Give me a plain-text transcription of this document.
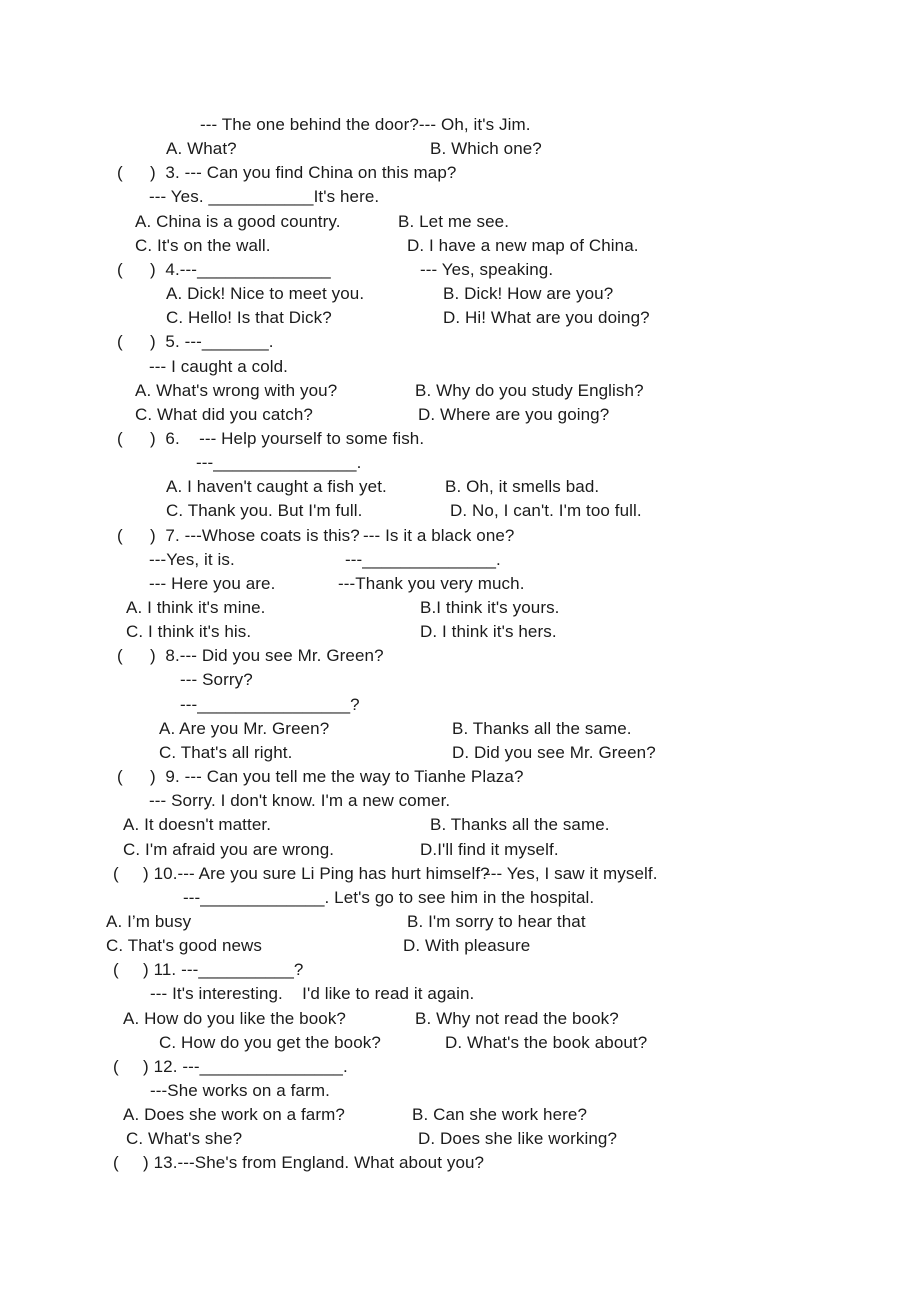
--- The one behind the door?--- Oh, it's Jim.
A. What?	B. Which one?
( )  3. --- Can you find China on this map?
--- Yes. ___________It's here.
A. China is a good country.	B. Let me see.
C. It's on the wall.	D. I have a new map of China.
( )  4.---______________	--- Yes, speaking.
A. Dick! Nice to meet you.	B. Dick! How are you?
C. Hello! Is that Dick?	D. Hi! What are you doing?
( )  5. ---_______.
--- I caught a cold.
A. What's wrong with you?	B. Why do you study English?
C. What did you catch?	D. Where are you going?
( )  6.    --- Help yourself to some fish.
---_______________.
A. I haven't caught a fish yet.	B. Oh, it smells bad.
C. Thank you. But I'm full.	D. No, I can't. I'm too full.
( )  7. ---Whose coats is this? --- Is it a black one?
---Yes, it is.	---______________.
--- Here you are.	---Thank you very much.
A. I think it's mine.	B.I think it's yours.
C. I think it's his.	D. I think it's hers.
( )  8.--- Did you see Mr. Green?
--- Sorry?
---________________?
A. Are you Mr. Green?	B. Thanks all the same.
C. That's all right.	D. Did you see Mr. Green?
( )  9. --- Can you tell me the way to Tianhe Plaza?
--- Sorry. I don't know. I'm a new comer.
A. It doesn't matter.	B. Thanks all the same.
C. I'm afraid you are wrong.	D.I'll find it myself.
( ) 10.--- Are you sure Li Ping has hurt himself?
--- Yes, I saw it myself.
---_____________. Let's go to see him in the hospital.
A. I’m busy	B. I'm sorry to hear that
C. That's good news	D. With pleasure
( ) 11. ---__________?
--- It's interesting.    I'd like to read it again.
A. How do you like the book?	B. Why not read the book?
C. How do you get the book?	D. What's the book about?
( ) 12. ---_______________.
---She works on a farm.
A. Does she work on a farm?	B. Can she work here?
C. What's she?	D. Does she like working?
( ) 13.---She's from England. What about you?
